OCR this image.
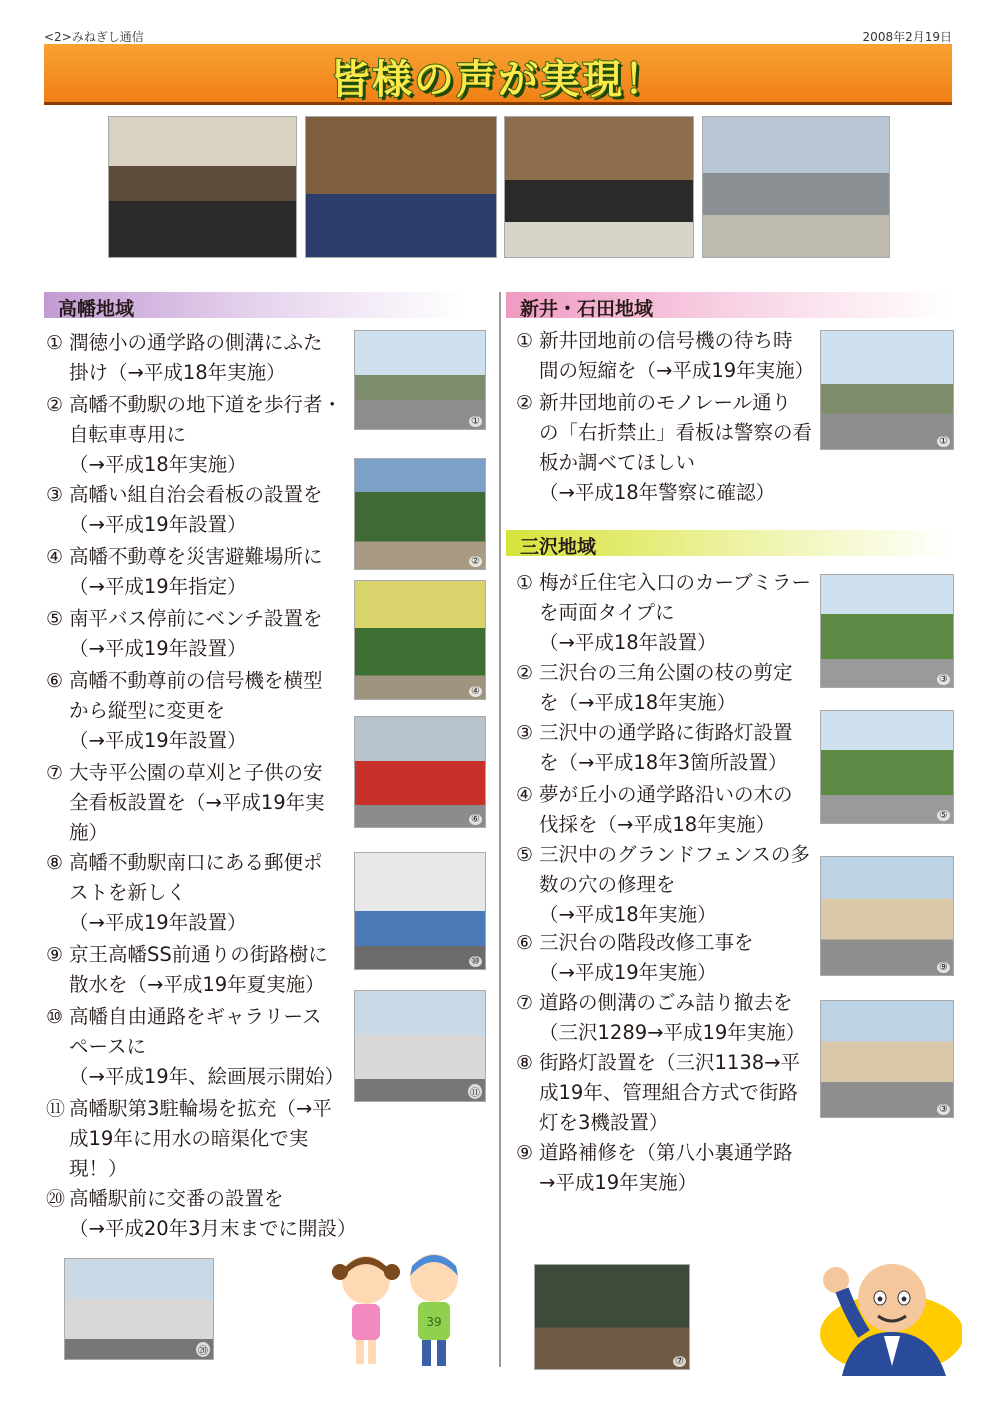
<2>みねぎし通信	2008年2月19日
皆様の声が実現！
高幡地域
① 潤徳小の通学路の側溝にふた
掛け（→平成18年実施）
② 高幡不動駅の地下道を歩行者・
自転車専用に
（→平成18年実施）
③ 高幡い組自治会看板の設置を
（→平成19年設置）
④ 高幡不動尊を災害避難場所に
（→平成19年指定）
⑤ 南平バス停前にベンチ設置を
（→平成19年設置）
⑥ 高幡不動尊前の信号機を横型
から縦型に変更を
（→平成19年設置）
⑦ 大寺平公園の草刈と子供の安
全看板設置を（→平成19年実
施）
⑧ 高幡不動駅南口にある郵便ポ
ストを新しく
（→平成19年設置）
⑨ 京王高幡SS前通りの街路樹に
散水を（→平成19年夏実施）
⑩ 高幡自由通路をギャラリース
ペースに
（→平成19年、絵画展示開始）
⑪ 高幡駅第3駐輪場を拡充（→平
成19年に用水の暗渠化で実
現！）
⑳ 高幡駅前に交番の設置を
（→平成20年3月末までに開設）
①
②
④
⑥
⑩
⑪
⑳
39
新井・石田地域
① 新井団地前の信号機の待ち時
間の短縮を（→平成19年実施）
② 新井団地前のモノレール通り
の「右折禁止」看板は警察の看
板か調べてほしい
（→平成18年警察に確認）
①
三沢地域
① 梅が丘住宅入口のカーブミラー
を両面タイプに
（→平成18年設置）
② 三沢台の三角公園の枝の剪定
を（→平成18年実施）
③ 三沢中の通学路に街路灯設置
を（→平成18年3箇所設置）
④ 夢が丘小の通学路沿いの木の
伐採を（→平成18年実施）
⑤ 三沢中のグランドフェンスの多
数の穴の修理を
（→平成18年実施）
⑥ 三沢台の階段改修工事を
（→平成19年実施）
⑦ 道路の側溝のごみ詰り撤去を
（三沢1289→平成19年実施）
⑧ 街路灯設置を（三沢1138→平
成19年、管理組合方式で街路
灯を3機設置）
⑨ 道路補修を（第八小裏通学路
→平成19年実施）
③
⑤
⑨
③
⑦
